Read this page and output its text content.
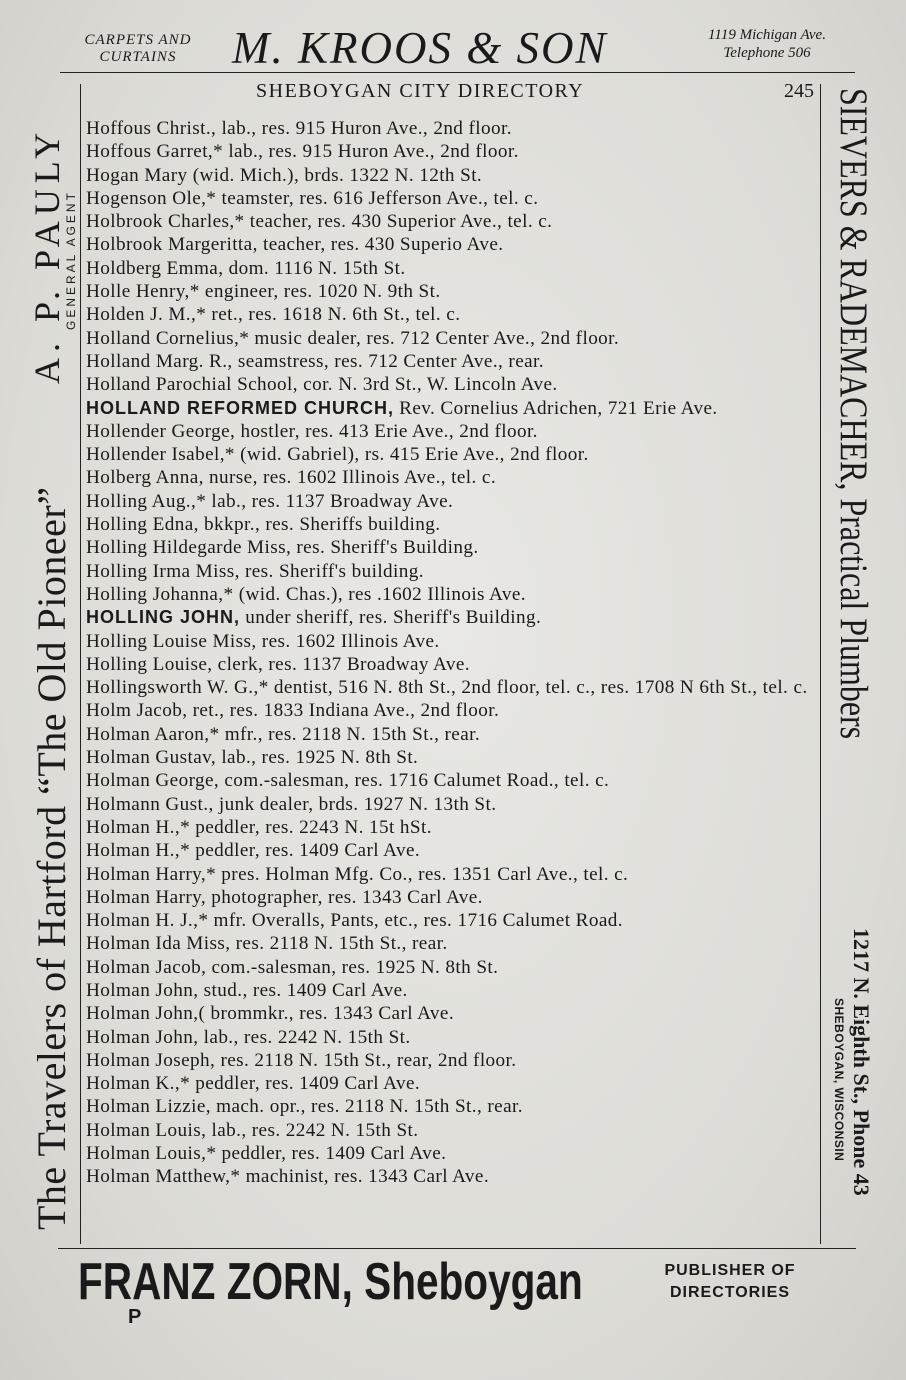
CARPETS AND CURTAINS	M. KROOS & SON	1119 Michigan Ave.
Telephone 506
SHEBOYGAN CITY DIRECTORY	245
Hoffous Christ., lab., res. 915 Huron Ave., 2nd floor.
Hoffous Garret,* lab., res. 915 Huron Ave., 2nd floor.
Hogan Mary (wid. Mich.), brds. 1322 N. 12th St.
Hogenson Ole,* teamster, res. 616 Jefferson Ave., tel. c.
Holbrook Charles,* teacher, res. 430 Superior Ave., tel. c.
Holbrook Margeritta, teacher, res. 430 Superio Ave.
Holdberg Emma, dom. 1116 N. 15th St.
Holle Henry,* engineer, res. 1020 N. 9th St.
Holden J. M.,* ret., res. 1618 N. 6th St., tel. c.
Holland Cornelius,* music dealer, res. 712 Center Ave., 2nd floor.
Holland Marg. R., seamstress, res. 712 Center Ave., rear.
Holland Parochial School, cor. N. 3rd St., W. Lincoln Ave.
HOLLAND REFORMED CHURCH, Rev. Cornelius Adrichen, 721 Erie Ave.
Hollender George, hostler, res. 413 Erie Ave., 2nd floor.
Hollender Isabel,* (wid. Gabriel), rs. 415 Erie Ave., 2nd floor.
Holberg Anna, nurse, res. 1602 Illinois Ave., tel. c.
Holling Aug.,* lab., res. 1137 Broadway Ave.
Holling Edna, bkkpr., res. Sheriffs building.
Holling Hildegarde Miss, res. Sheriff's Building.
Holling Irma Miss, res. Sheriff's building.
Holling Johanna,* (wid. Chas.), res .1602 Illinois Ave.
HOLLING JOHN, under sheriff, res. Sheriff's Building.
Holling Louise Miss, res. 1602 Illinois Ave.
Holling Louise, clerk, res. 1137 Broadway Ave.
Hollingsworth W. G.,* dentist, 516 N. 8th St., 2nd floor, tel. c., res. 1708 N 6th St., tel. c.
Holm Jacob, ret., res. 1833 Indiana Ave., 2nd floor.
Holman Aaron,* mfr., res. 2118 N. 15th St., rear.
Holman Gustav, lab., res. 1925 N. 8th St.
Holman George, com.-salesman, res. 1716 Calumet Road., tel. c.
Holmann Gust., junk dealer, brds. 1927 N. 13th St.
Holman H.,* peddler, res. 2243 N. 15t hSt.
Holman H.,* peddler, res. 1409 Carl Ave.
Holman Harry,* pres. Holman Mfg. Co., res. 1351 Carl Ave., tel. c.
Holman Harry, photographer, res. 1343 Carl Ave.
Holman H. J.,* mfr. Overalls, Pants, etc., res. 1716 Calumet Road.
Holman Ida Miss, res. 2118 N. 15th St., rear.
Holman Jacob, com.-salesman, res. 1925 N. 8th St.
Holman John, stud., res. 1409 Carl Ave.
Holman John,( brommkr., res. 1343 Carl Ave.
Holman John, lab., res. 2242 N. 15th St.
Holman Joseph, res. 2118 N. 15th St., rear, 2nd floor.
Holman K.,* peddler, res. 1409 Carl Ave.
Holman Lizzie, mach. opr., res. 2118 N. 15th St., rear.
Holman Louis, lab., res. 2242 N. 15th St.
Holman Louis,* peddler, res. 1409 Carl Ave.
Holman Matthew,* machinist, res. 1343 Carl Ave.
The Travelers of Hartford “The Old Pioneer”
A. P. PAULY
GENERAL AGENT	SIEVERS & RADEMACHER, Practical Plumbers
1217 N. Eighth St., Phone 43
SHEBOYGAN, WISCONSIN
FRANZ ZORN, Sheboygan	PUBLISHER OF
DIRECTORIES
P
